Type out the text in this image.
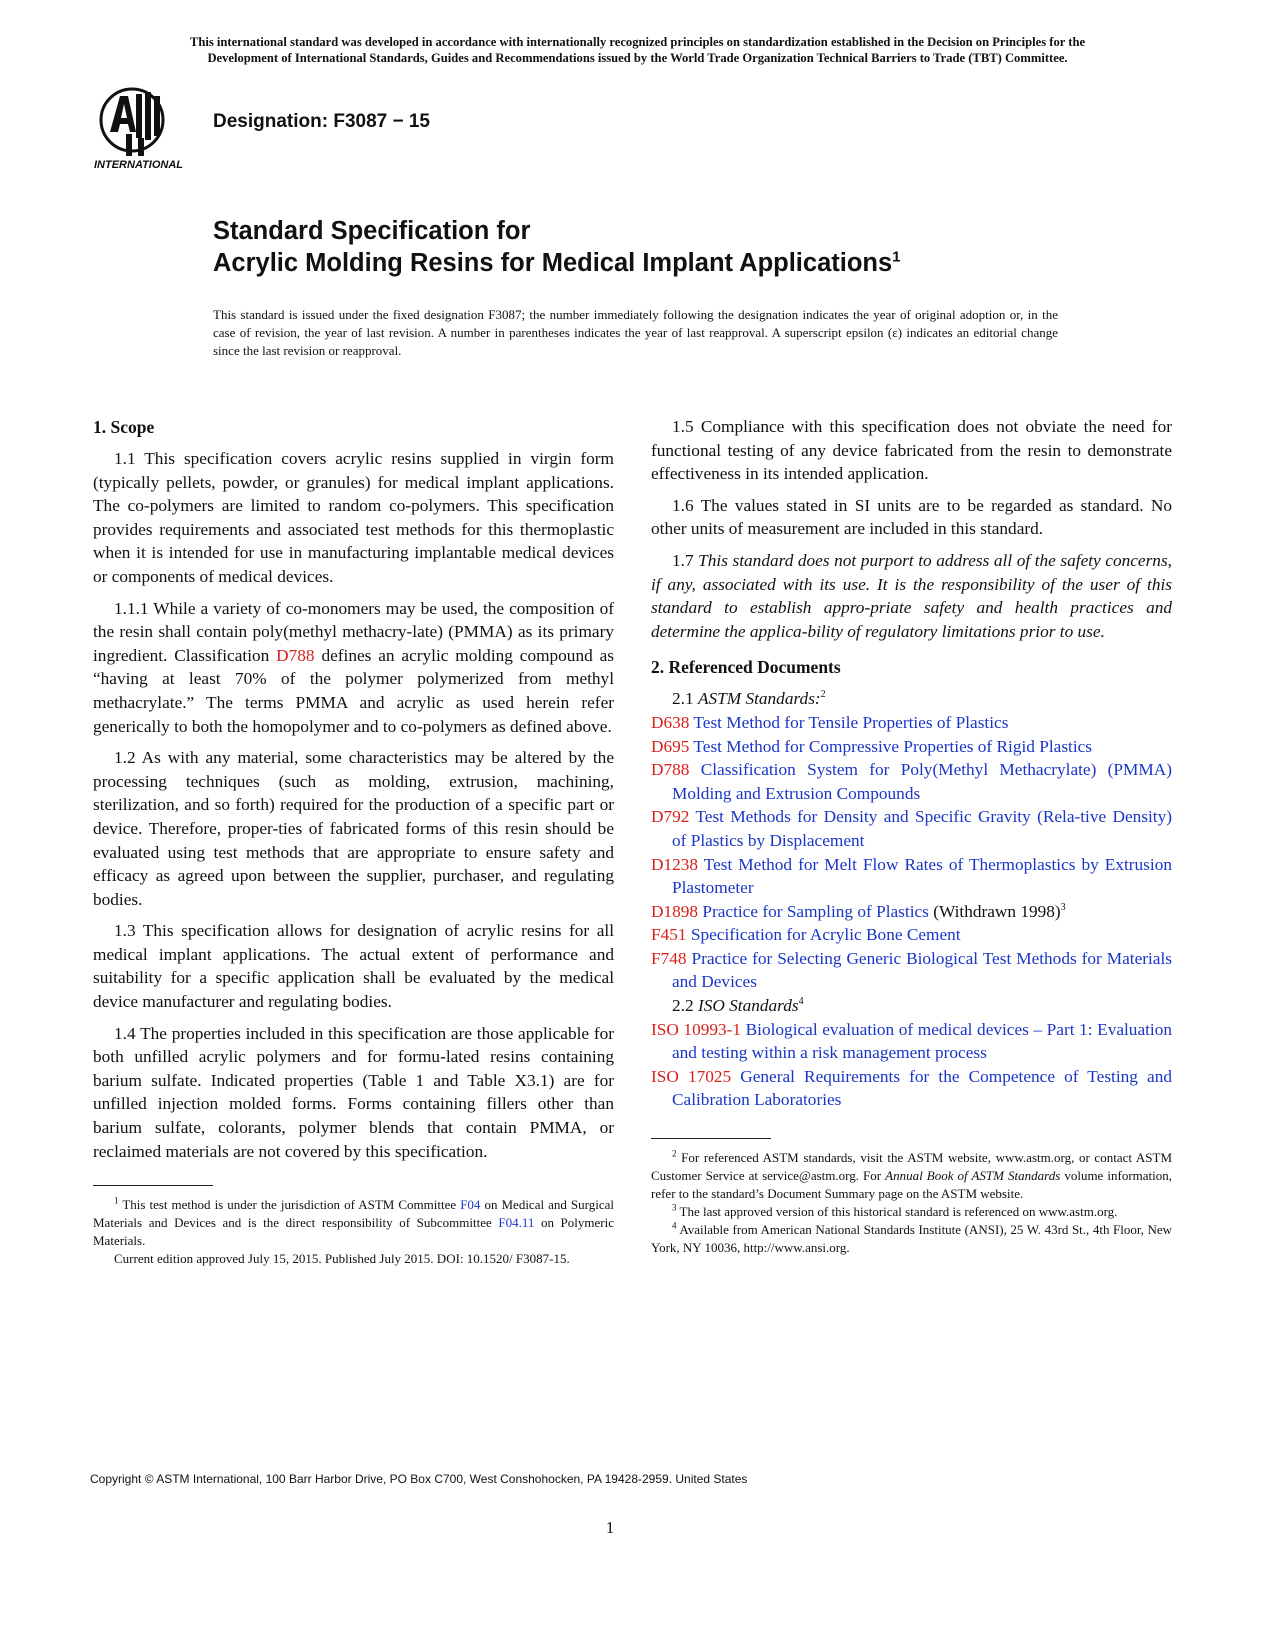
This international standard was developed in accordance with internationally recognized principles on standardization established in the Decision on Principles for the
Development of International Standards, Guides and Recommendations issued by the World Trade Organization Technical Barriers to Trade (TBT) Committee.
INTERNATIONAL
Designation: F3087 − 15
Standard Specification for
Acrylic Molding Resins for Medical Implant Applications$^1$
This standard is issued under the fixed designation F3087; the number immediately following the designation indicates the year of original adoption or, in the case of revision, the year of last revision. A number in parentheses indicates the year of last reapproval. A superscript epsilon (ε) indicates an editorial change since the last revision or reapproval.
1. Scope

1.1 This specification covers acrylic resins supplied in virgin form (typically pellets, powder, or granules) for medical implant applications. The co-polymers are limited to random co-polymers. This specification provides requirements and associated test methods for this thermoplastic when it is intended for use in manufacturing implantable medical devices or components of medical devices.

1.1.1 While a variety of co-monomers may be used, the composition of the resin shall contain poly(methyl methacry-late) (PMMA) as its primary ingredient. Classification D788 defines an acrylic molding compound as “having at least 70% of the polymer polymerized from methyl methacrylate.” The terms PMMA and acrylic as used herein refer generically to both the homopolymer and to co-polymers as defined above.

1.2 As with any material, some characteristics may be altered by the processing techniques (such as molding, extrusion, machining, sterilization, and so forth) required for the production of a specific part or device. Therefore, proper-ties of fabricated forms of this resin should be evaluated using test methods that are appropriate to ensure safety and efficacy as agreed upon between the supplier, purchaser, and regulating bodies.

1.3 This specification allows for designation of acrylic resins for all medical implant applications. The actual extent of performance and suitability for a specific application shall be evaluated by the medical device manufacturer and regulating bodies.

1.4 The properties included in this specification are those applicable for both unfilled acrylic polymers and for formu-lated resins containing barium sulfate. Indicated properties (Table 1 and Table X3.1) are for unfilled injection molded forms. Forms containing fillers other than barium sulfate, colorants, polymer blends that contain PMMA, or reclaimed materials are not covered by this specification.

$^1$ This test method is under the jurisdiction of ASTM Committee F04 on Medical and Surgical Materials and Devices and is the direct responsibility of Subcommittee F04.11 on Polymeric Materials.
Current edition approved July 15, 2015. Published July 2015. DOI: 10.1520/ F3087-15.

1.5 Compliance with this specification does not obviate the need for functional testing of any device fabricated from the resin to demonstrate effectiveness in its intended application.

1.6 The values stated in SI units are to be regarded as standard. No other units of measurement are included in this standard.

1.7 This standard does not purport to address all of the safety concerns, if any, associated with its use. It is the responsibility of the user of this standard to establish appro-priate safety and health practices and determine the applica-bility of regulatory limitations prior to use.

2. Referenced Documents
2.1 ASTM Standards:$^2$
D638 Test Method for Tensile Properties of Plastics
D695 Test Method for Compressive Properties of Rigid Plastics
D788 Classification System for Poly(Methyl Methacrylate) (PMMA) Molding and Extrusion Compounds
D792 Test Methods for Density and Specific Gravity (Rela-tive Density) of Plastics by Displacement
D1238 Test Method for Melt Flow Rates of Thermoplastics by Extrusion Plastometer
D1898 Practice for Sampling of Plastics (Withdrawn 1998)$^3$
F451 Specification for Acrylic Bone Cement
F748 Practice for Selecting Generic Biological Test Methods for Materials and Devices
2.2 ISO Standards$^4$
ISO 10993-1 Biological evaluation of medical devices – Part 1: Evaluation and testing within a risk management process
ISO 17025 General Requirements for the Competence of Testing and Calibration Laboratories
$^2$ For referenced ASTM standards, visit the ASTM website, www.astm.org, or contact ASTM Customer Service at service@astm.org. For Annual Book of ASTM Standards volume information, refer to the standard’s Document Summary page on the ASTM website.
$^3$ The last approved version of this historical standard is referenced on www.astm.org.
$^4$ Available from American National Standards Institute (ANSI), 25 W. 43rd St., 4th Floor, New York, NY 10036, http://www.ansi.org.
Copyright © ASTM International, 100 Barr Harbor Drive, PO Box C700, West Conshohocken, PA 19428-2959. United States
1
